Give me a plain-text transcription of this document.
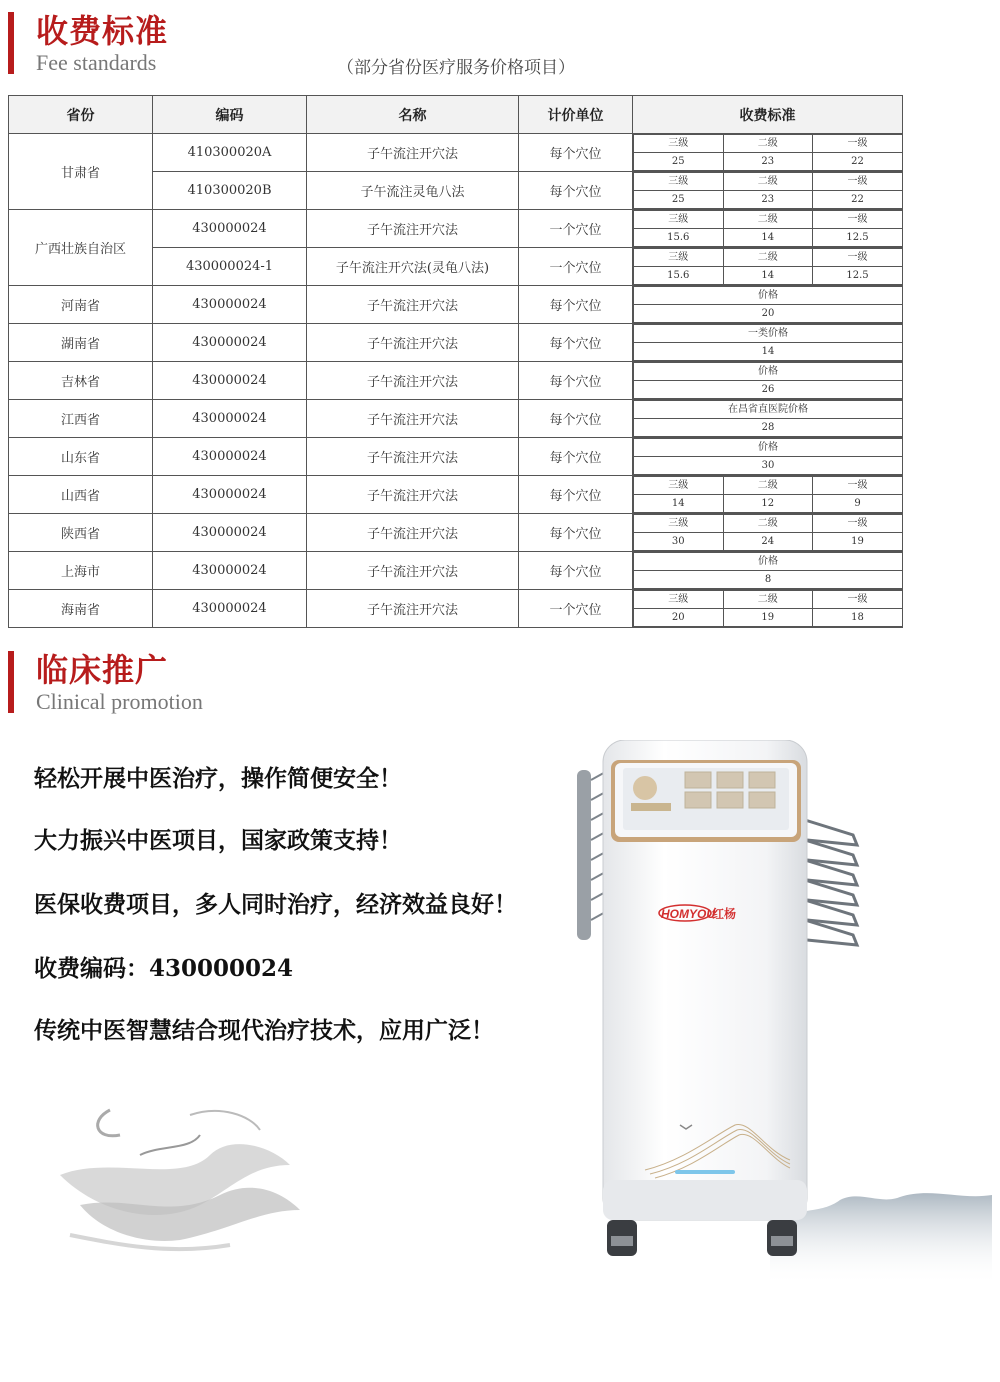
收费标准
Fee standards	（部分省份医疗服务价格项目）
省份	编码	名称	计价单位	收费标准
甘肃省	410300020A	子午流注开穴法	每个穴位	
三级	二级	一级
25	23	22

410300020B	子午流注灵龟八法	每个穴位	
三级	二级	一级
25	23	22

广西壮族自治区	430000024	子午流注开穴法	一个穴位	
三级	二级	一级
15.6	14	12.5

430000024-1	子午流注开穴法(灵龟八法)	一个穴位	
三级	二级	一级
15.6	14	12.5

河南省	430000024	子午流注开穴法	每个穴位	
价格
20

湖南省	430000024	子午流注开穴法	每个穴位	
一类价格
14

吉林省	430000024	子午流注开穴法	每个穴位	
价格
26

江西省	430000024	子午流注开穴法	每个穴位	
在昌省直医院价格
28

山东省	430000024	子午流注开穴法	每个穴位	
价格
30

山西省	430000024	子午流注开穴法	每个穴位	
三级	二级	一级
14	12	9

陕西省	430000024	子午流注开穴法	每个穴位	
三级	二级	一级
30	24	19

上海市	430000024	子午流注开穴法	每个穴位	
价格
8

海南省	430000024	子午流注开穴法	一个穴位	
三级	二级	一级
20	19	18
临床推广
Clinical promotion
轻松开展中医治疗，操作简便安全！
大力振兴中医项目，国家政策支持！
医保收费项目，多人同时治疗，经济效益良好！
收费编码：430000024
传统中医智慧结合现代治疗技术，应用广泛！
HOMYOU
红杨
